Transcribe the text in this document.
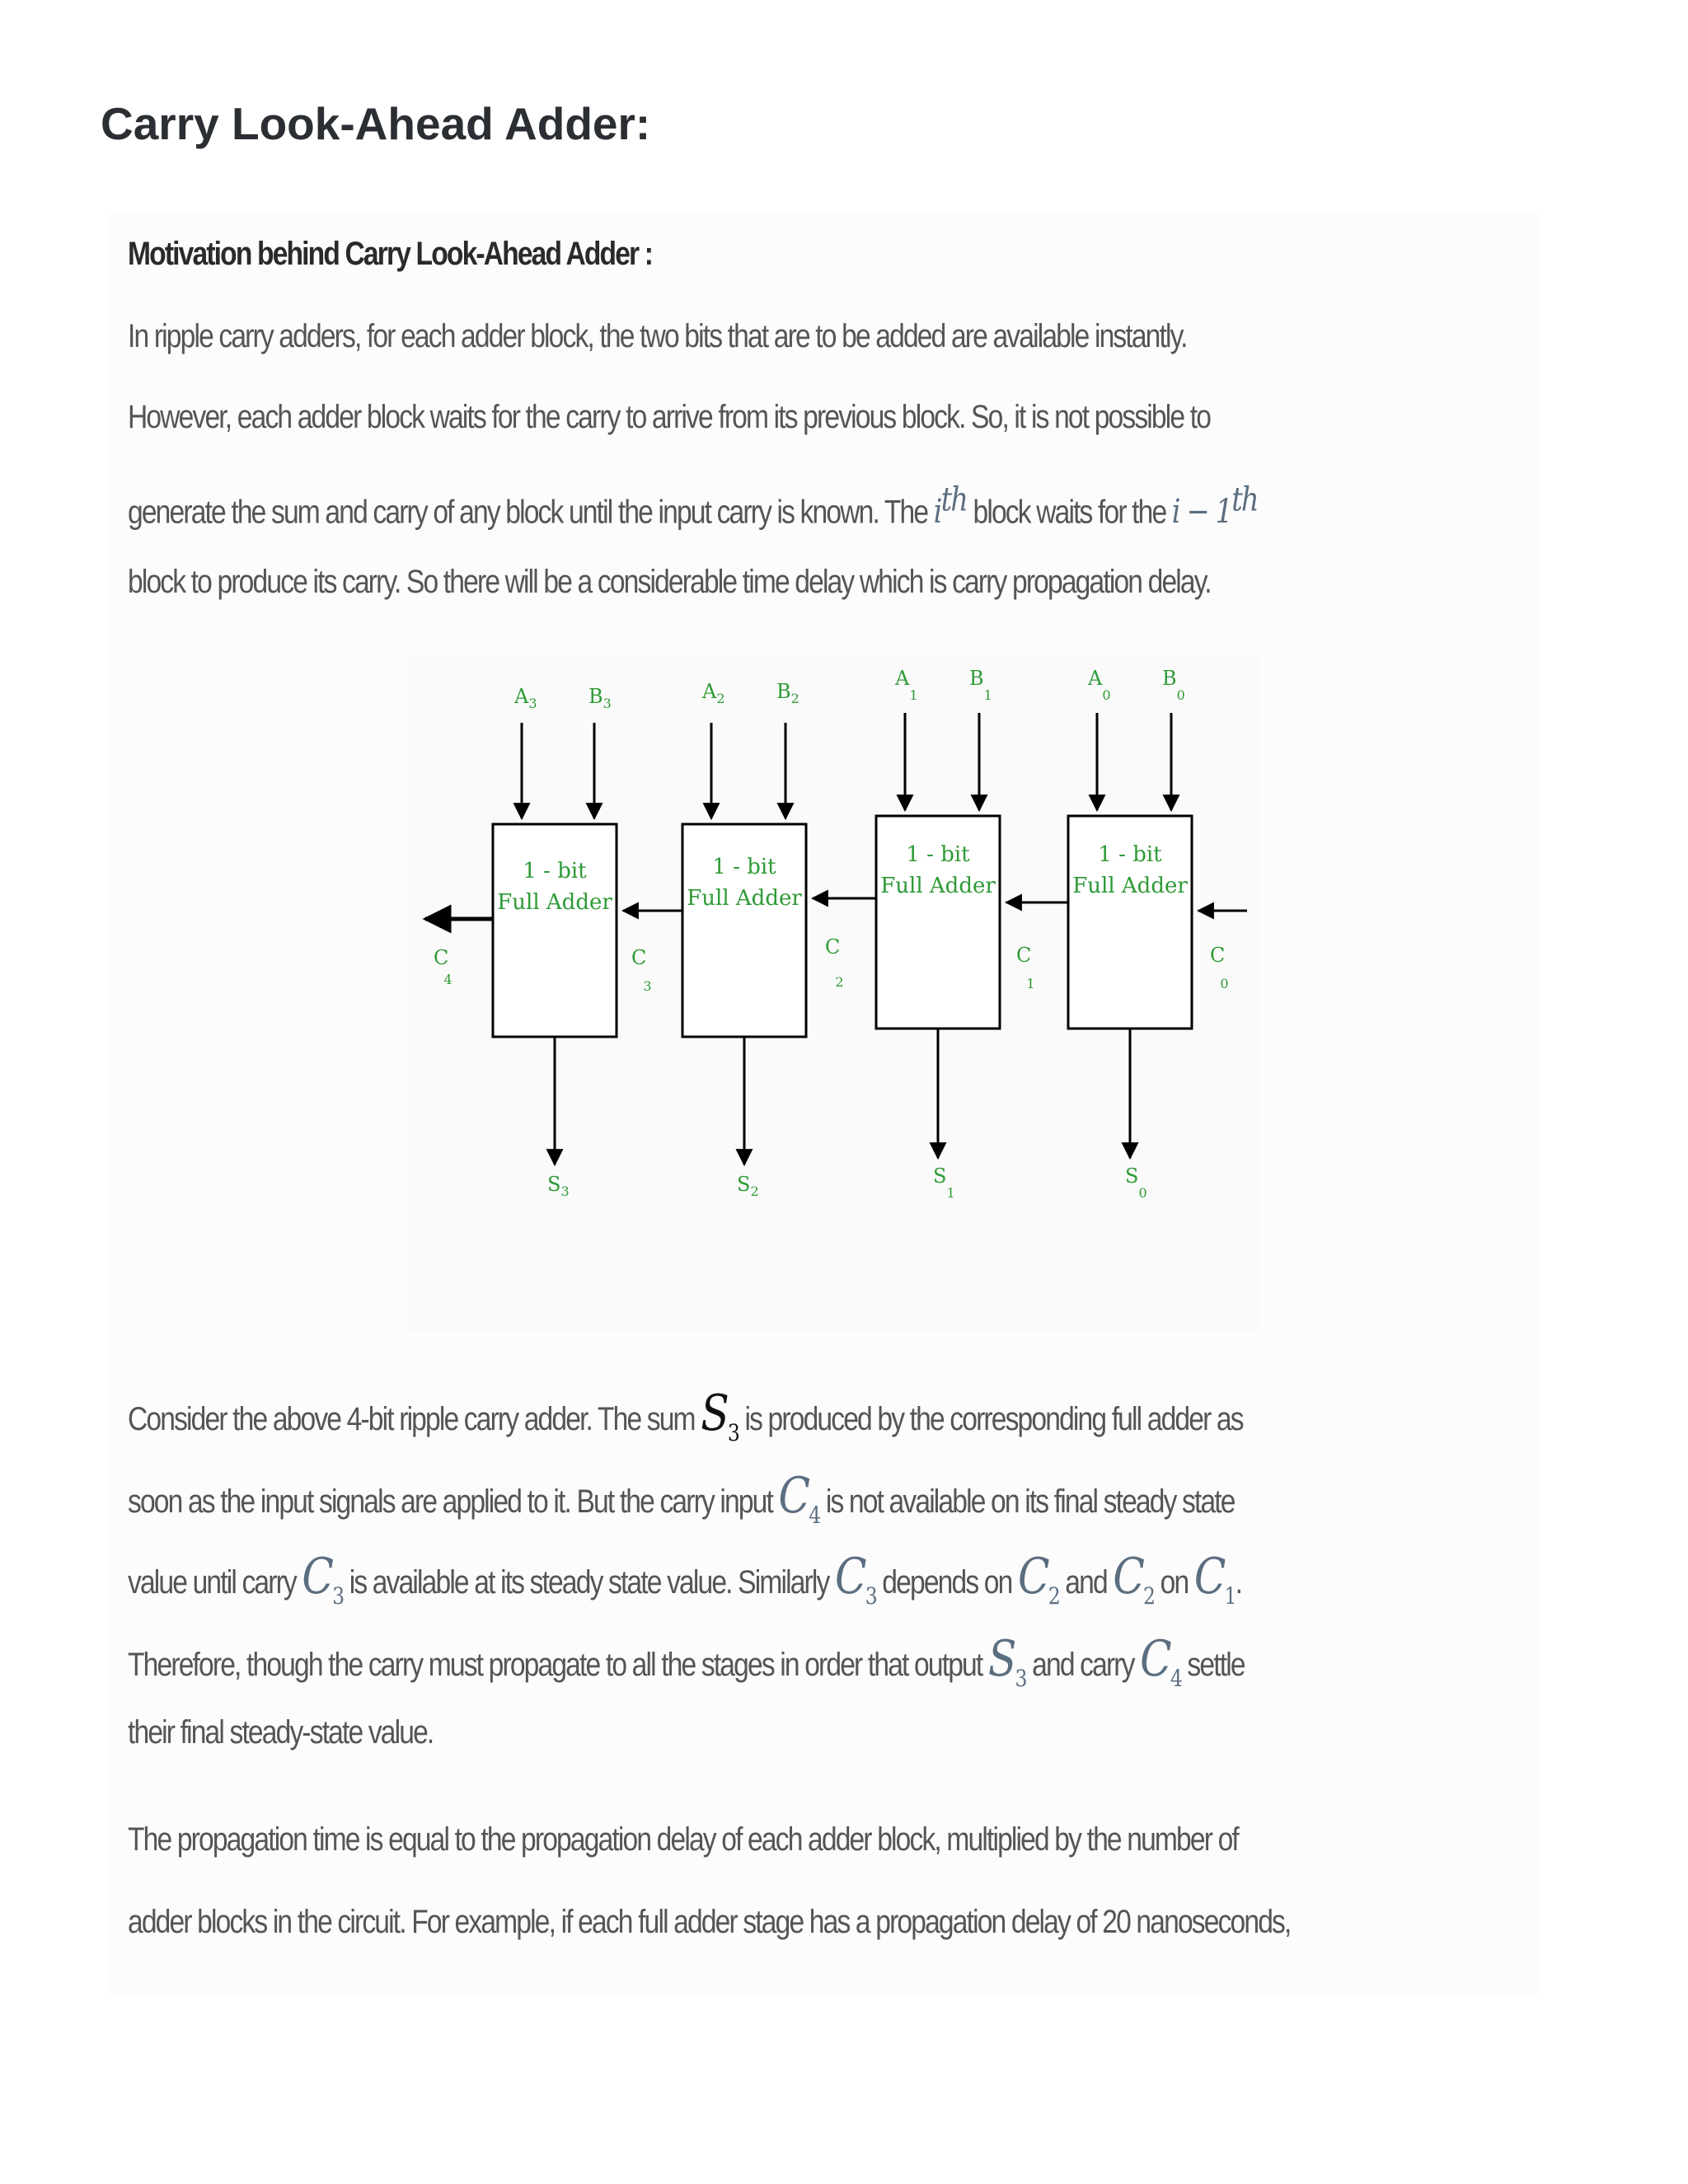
Carry Look-Ahead Adder:

Motivation behind Carry Look-Ahead Adder :

In ripple carry adders, for each adder block, the two bits that are to be added are available instantly.

However, each adder block waits for the carry to arrive from its previous block. So, it is not possible to

generate the sum and carry of any block until the input carry is known. The $i^{th}$ block waits for the i − 1th

block to produce its carry. So there will be a considerable time delay which is carry propagation delay.

1 - bit
Full Adder
$A_3$	$B_3$
$S_3$
1 - bit
Full Adder
$A_2$	$B_2$
$S_2$
1 - bit
Full Adder
$A_1$
$B_1$
$S_1$
1 - bit
Full Adder
$A_0$
$B_0$
$S_0$
C 4
C 3
C 2
C 1
C 0

Consider the above 4-bit ripple carry adder. The sum $S_3$ is produced by the corresponding full adder as

soon as the input signals are applied to it. But the carry input $C_4$ is not available on its final steady state

value until carry $C_3$ is available at its steady state value. Similarly $C_3$ depends on $C_2$ and $C_2$ on $C_1$.

Therefore, though the carry must propagate to all the stages in order that output $S_3$ and carry $C_4$ settle

their final steady-state value.

The propagation time is equal to the propagation delay of each adder block, multiplied by the number of

adder blocks in the circuit. For example, if each full adder stage has a propagation delay of 20 nanoseconds,
